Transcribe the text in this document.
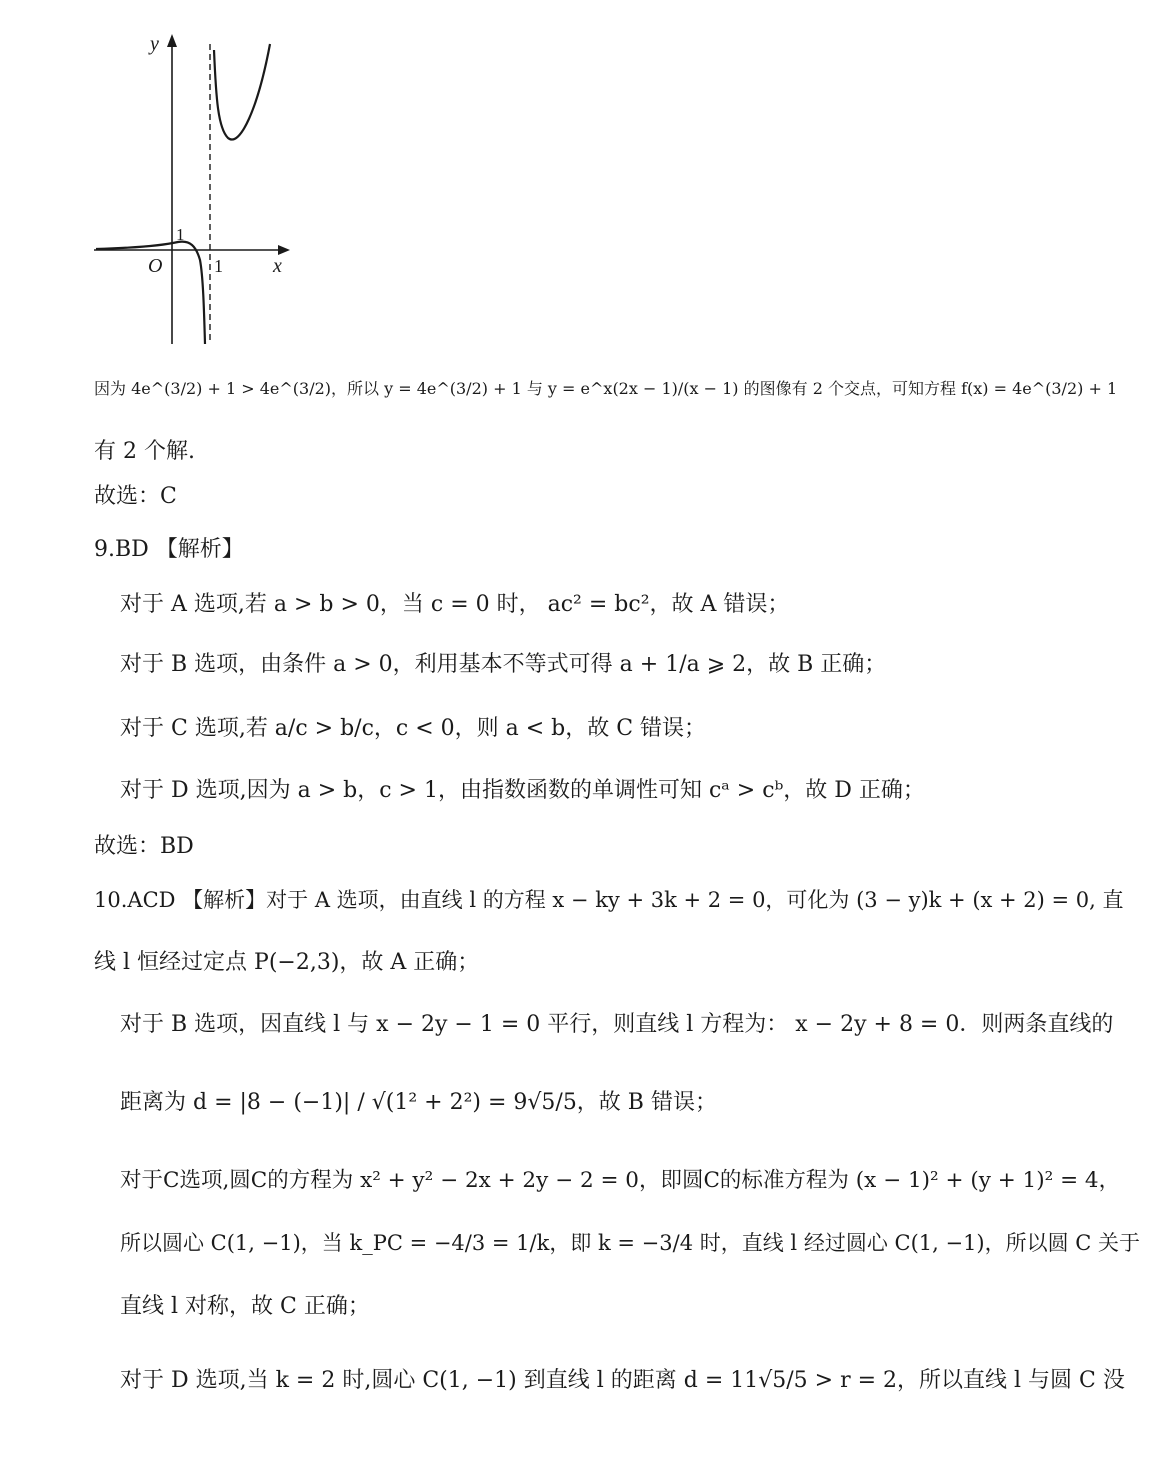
y
x
O
1
1
因为 4e^(3/2) + 1 > 4e^(3/2)，所以 y = 4e^(3/2) + 1 与 y = e^x(2x − 1)/(x − 1) 的图像有 2 个交点，可知方程 f(x) = 4e^(3/2) + 1
有 2 个解.
故选：C
9.BD 【解析】
对于 A 选项,若 a > b > 0，当 c = 0 时， ac² = bc²，故 A 错误；
对于 B 选项，由条件 a > 0，利用基本不等式可得 a + 1/a ⩾ 2，故 B 正确；
对于 C 选项,若 a/c > b/c，c < 0，则 a < b，故 C 错误；
对于 D 选项,因为 a > b，c > 1，由指数函数的单调性可知 cᵃ > cᵇ，故 D 正确；
故选：BD
10.ACD 【解析】对于 A 选项，由直线 l 的方程 x − ky + 3k + 2 = 0，可化为 (3 − y)k + (x + 2) = 0, 直
线 l 恒经过定点 P(−2,3)，故 A 正确；
对于 B 选项，因直线 l 与 x − 2y − 1 = 0 平行，则直线 l 方程为： x − 2y + 8 = 0．则两条直线的
距离为 d = |8 − (−1)| / √(1² + 2²) = 9√5/5，故 B 错误；
对于C选项,圆C的方程为 x² + y² − 2x + 2y − 2 = 0，即圆C的标准方程为 (x − 1)² + (y + 1)² = 4，
所以圆心 C(1, −1)，当 k_PC = −4/3 = 1/k，即 k = −3/4 时，直线 l 经过圆心 C(1, −1)，所以圆 C 关于
直线 l 对称，故 C 正确；
对于 D 选项,当 k = 2 时,圆心 C(1, −1) 到直线 l 的距离 d = 11√5/5 > r = 2，所以直线 l 与圆 C 没
